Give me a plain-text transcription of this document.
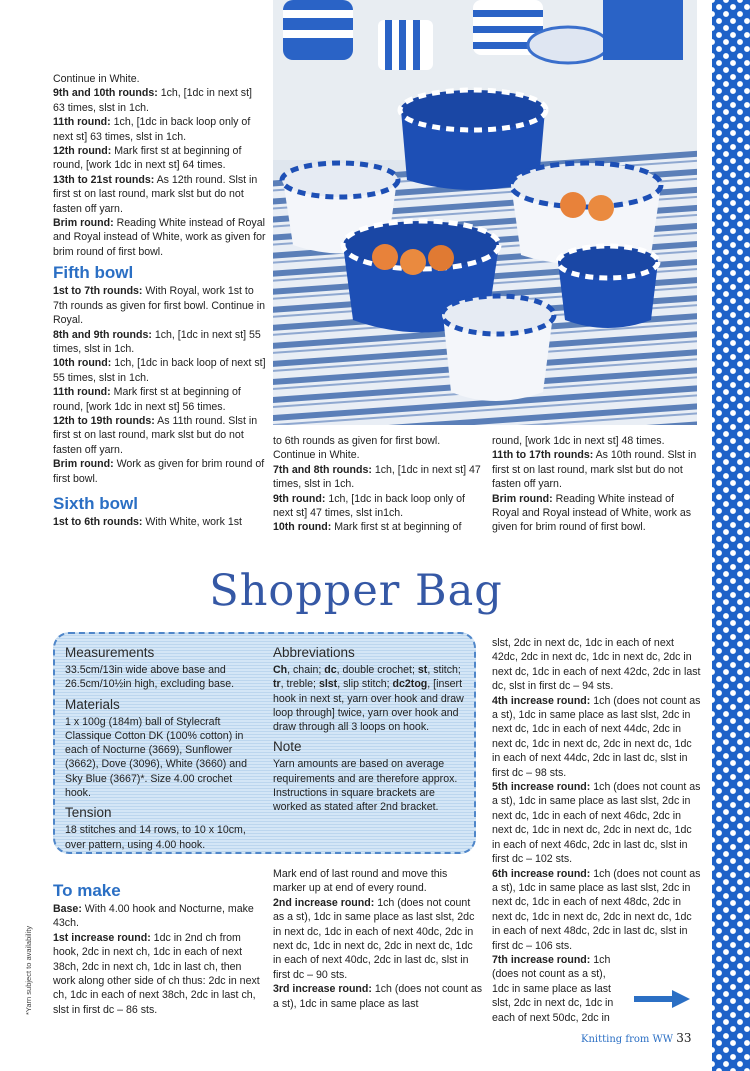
Continue in White.

9th and 10th rounds: 1ch, [1dc in next st] 63 times, slst in 1ch.

11th round: 1ch, [1dc in back loop only of next st] 63 times, slst in 1ch.

12th round: Mark first st at beginning of round, [work 1dc in next st] 64 times.

13th to 21st rounds: As 12th round. Slst in first st on last round, mark slst but do not fasten off yarn.

Brim round: Reading White instead of Royal and Royal instead of White, work as given for brim round of first bowl.

Fifth bowl

1st to 7th rounds: With Royal, work 1st to 7th rounds as given for first bowl. Continue in Royal.

8th and 9th rounds: 1ch, [1dc in next st] 55 times, slst in 1ch.

10th round: 1ch, [1dc in back loop of next st] 55 times, slst in 1ch.

11th round: Mark first st at beginning of round, [work 1dc in next st] 56 times.

12th to 19th rounds: As 11th round. Slst in first st on last round, mark slst but do not fasten off yarn.

Brim round: Work as given for brim round of first bowl.

Sixth bowl

1st to 6th rounds: With White, work 1st

to 6th rounds as given for first bowl. Continue in White.

7th and 8th rounds: 1ch, [1dc in next st] 47 times, slst in 1ch.

9th round: 1ch, [1dc in back loop only of next st] 47 times, slst in1ch.

10th round: Mark first st at beginning of

round, [work 1dc in next st] 48 times.

11th to 17th rounds: As 10th round. Slst in first st on last round, mark slst but do not fasten off yarn.

Brim round: Reading White instead of Royal and Royal instead of White, work as given for brim round of first bowl.

Shopper Bag
Measurements

33.5cm/13in wide above base and 26.5cm/10½in high, excluding base.

Materials

1 x 100g (184m) ball of Stylecraft Classique Cotton DK (100% cotton) in each of Nocturne (3669), Sunflower (3662), Dove (3096), White (3660) and Sky Blue (3667)*. Size 4.00 crochet hook.

Tension

18 stitches and 14 rows, to 10 x 10cm, over pattern, using 4.00 hook.

Abbreviations

Ch, chain; dc, double crochet; st, stitch; tr, treble; slst, slip stitch; dc2tog, [insert hook in next st, yarn over hook and draw loop through] twice, yarn over hook and draw through all 3 loops on hook.

Note

Yarn amounts are based on average requirements and are therefore approx. Instructions in square brackets are worked as stated after 2nd bracket.

To make

Base: With 4.00 hook and Nocturne, make 43ch.

1st increase round: 1dc in 2nd ch from hook, 2dc in next ch, 1dc in each of next 38ch, 2dc in next ch, 1dc in last ch, then work along other side of ch thus: 2dc in next ch, 1dc in each of next 38ch, 2dc in last ch, slst in first dc – 86 sts.

Mark end of last round and move this marker up at end of every round.

2nd increase round: 1ch (does not count as a st), 1dc in same place as last slst, 2dc in next dc, 1dc in each of next 40dc, 2dc in next dc, 1dc in next dc, 2dc in next dc, 1dc in each of next 40dc, 2dc in last dc, slst in first dc – 90 sts.

3rd increase round: 1ch (does not count as a st), 1dc in same place as last

slst, 2dc in next dc, 1dc in each of next 42dc, 2dc in next dc, 1dc in next dc, 2dc in next dc, 1dc in each of next 42dc, 2dc in last dc, slst in first dc – 94 sts.

4th increase round: 1ch (does not count as a st), 1dc in same place as last slst, 2dc in next dc, 1dc in each of next 44dc, 2dc in next dc, 1dc in next dc, 2dc in next dc, 1dc in each of next 44dc, 2dc in last dc, slst in first dc – 98 sts.

5th increase round: 1ch (does not count as a st), 1dc in same place as last slst, 2dc in next dc, 1dc in each of next 46dc, 2dc in next dc, 1dc in next dc, 2dc in next dc, 1dc in each of next 46dc, 2dc in last dc, slst in first dc – 102 sts.

6th increase round: 1ch (does not count as a st), 1dc in same place as last slst, 2dc in next dc, 1dc in each of next 48dc, 2dc in next dc, 1dc in next dc, 2dc in next dc, 1dc in each of next 48dc, 2dc in last dc, slst in first dc – 106 sts.

7th increase round: 1ch (does not count as a st), 1dc in same place as last slst, 2dc in next dc, 1dc in each of next 50dc, 2dc in

Knitting from WW 33
*Yarn subject to availability
